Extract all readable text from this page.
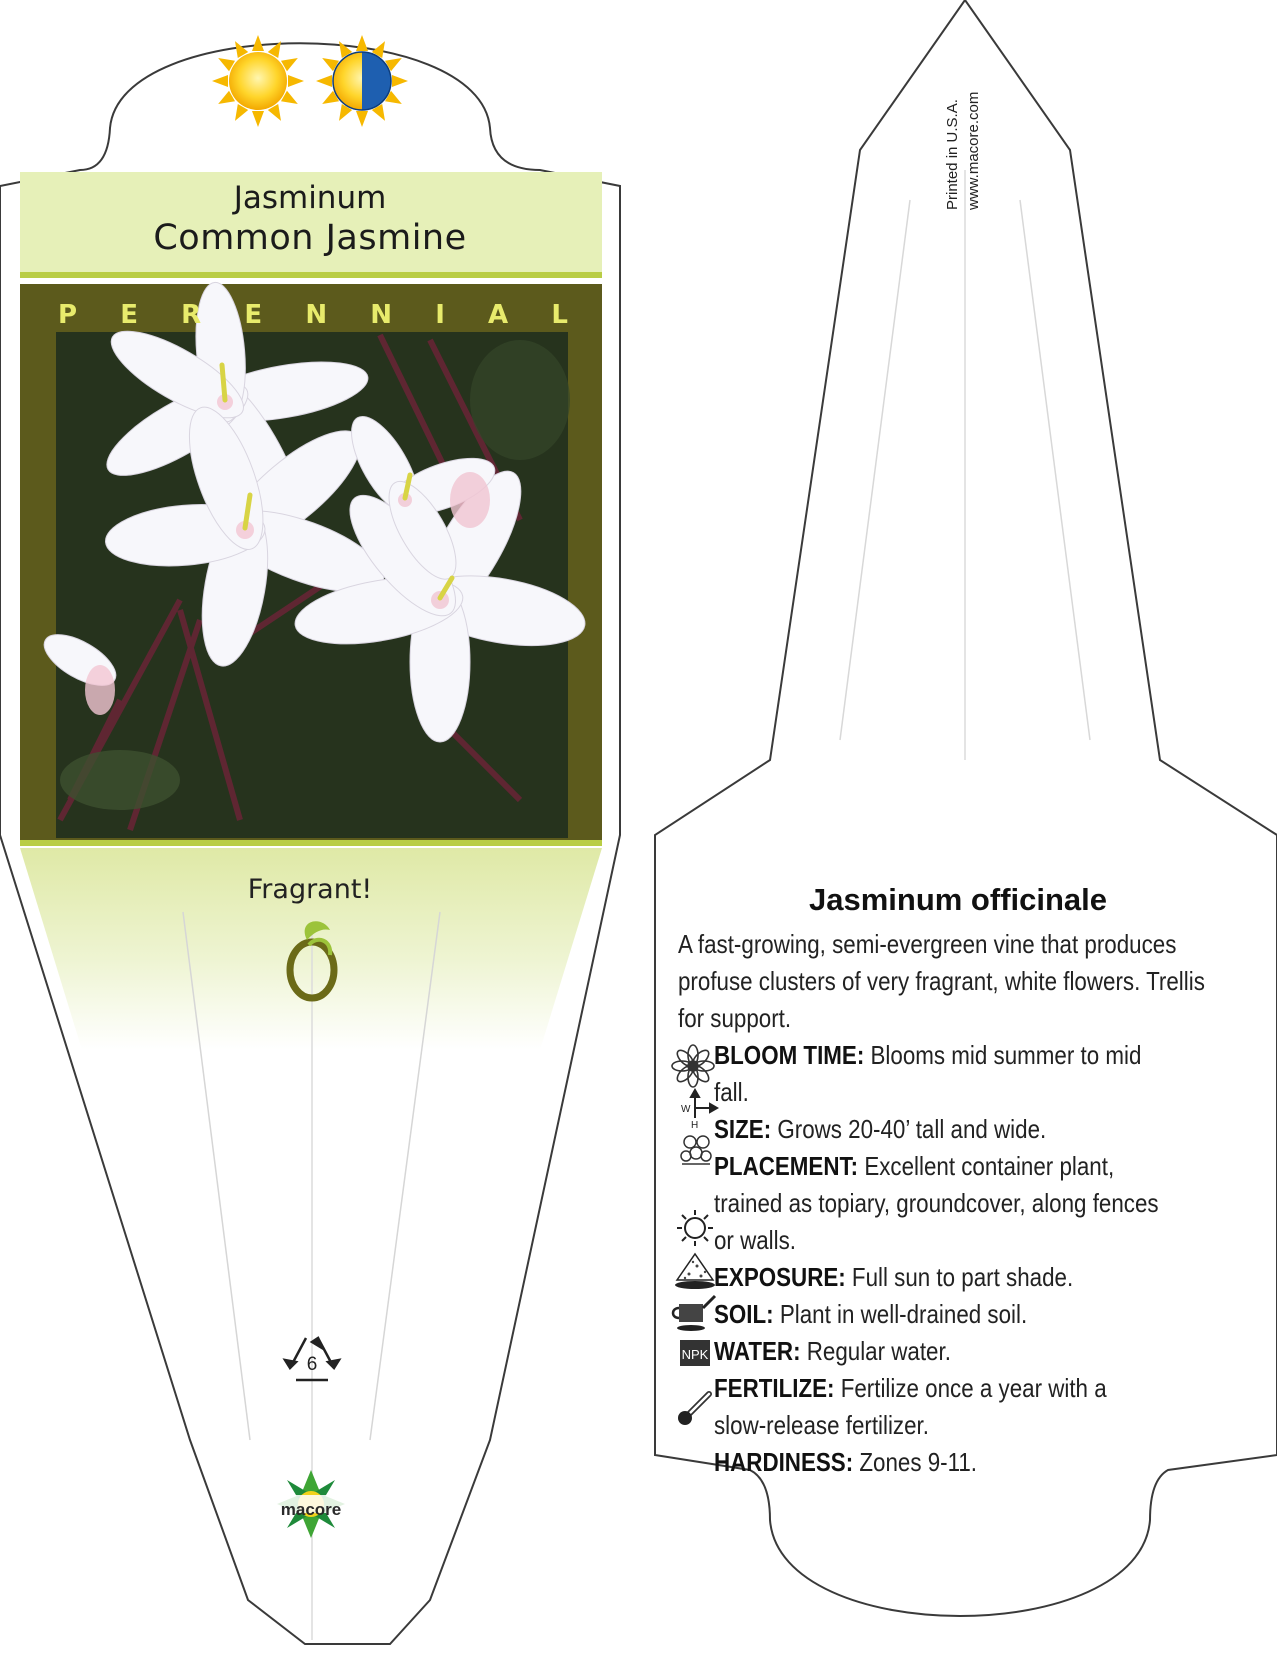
W
H
NPK
Jasminum
Common Jasmine
P E R E N N I A L
Fragrant!
6
macore
Printed in U.S.A. www.macore.com
Jasminum officinale
A fast-growing, semi-evergreen vine that produces profuse clusters of very fragrant, white flowers. Trellis for support.
BLOOM TIME: Blooms mid summer to mid fall.
SIZE: Grows 20-40’ tall and wide.
PLACEMENT: Excellent container plant, trained as topiary, groundcover, along fences or walls.
EXPOSURE: Full sun to part shade.
SOIL: Plant in well-drained soil.
WATER: Regular water.
FERTILIZE: Fertilize once a year with a slow-release fertilizer.
HARDINESS: Zones 9-11.
